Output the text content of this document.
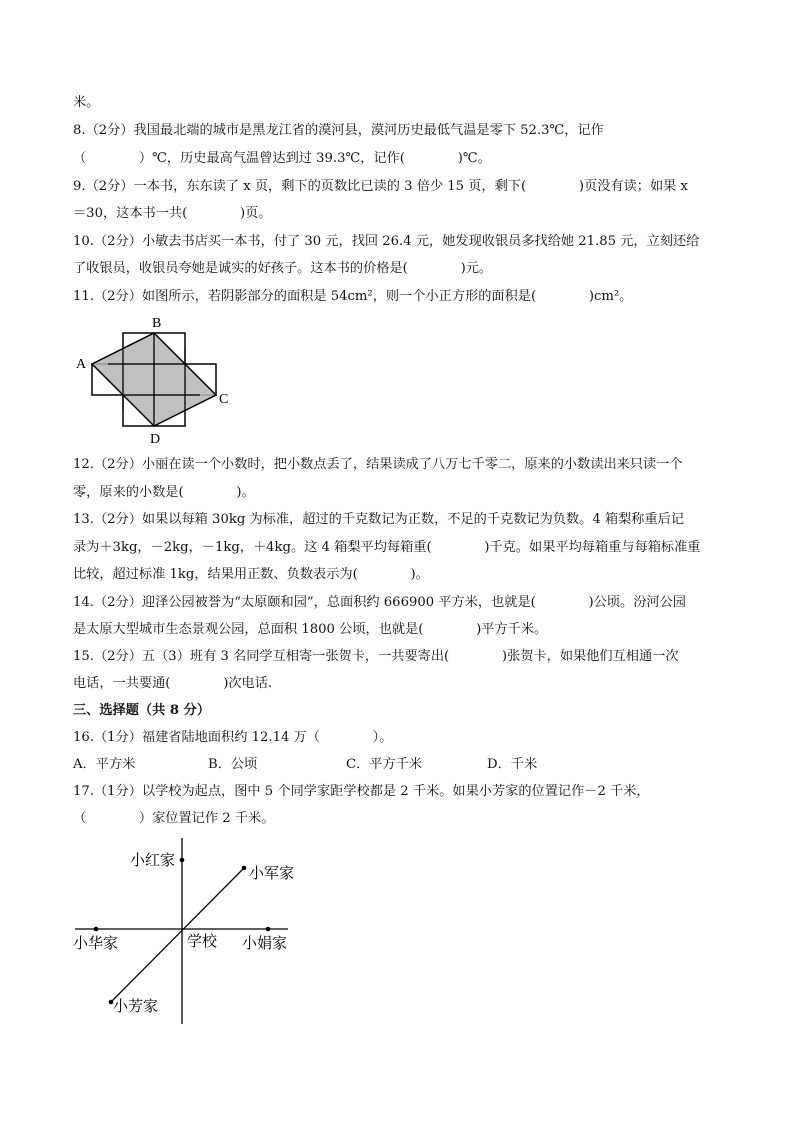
米。
8.（2分）我国最北端的城市是黑龙江省的漠河县，漠河历史最低气温是零下 52.3℃，记作
（　　　　）℃，历史最高气温曾达到过 39.3℃，记作(　　　　)℃。
9.（2分）一本书，东东读了 x 页，剩下的页数比已读的 3 倍少 15 页，剩下(　　　　)页没有读；如果 x
＝30，这本书一共(　　　　)页。
10.（2分）小敏去书店买一本书，付了 30 元，找回 26.4 元，她发现收银员多找给她 21.85 元，立刻还给
了收银员，收银员夸她是诚实的好孩子。这本书的价格是(　　　　)元。
11.（2分）如图所示，若阴影部分的面积是 54cm²，则一个小正方形的面积是(　　　　)cm²。
A
B
C
D
12.（2分）小丽在读一个小数时，把小数点丢了，结果读成了八万七千零二，原来的小数读出来只读一个
零，原来的小数是(　　　　)。
13.（2分）如果以每箱 30kg 为标准，超过的千克数记为正数，不足的千克数记为负数。4 箱梨称重后记
录为＋3kg，－2kg，－1kg，＋4kg。这 4 箱梨平均每箱重(　　　　)千克。如果平均每箱重与每箱标准重
比较，超过标准 1kg，结果用正数、负数表示为(　　　　)。
14.（2分）迎泽公园被誉为“太原颐和园”，总面积约 666900 平方米，也就是(　　　　)公顷。汾河公园
是太原大型城市生态景观公园，总面积 1800 公顷，也就是(　　　　)平方千米。
15.（2分）五（3）班有 3 名同学互相寄一张贺卡，一共要寄出(　　　　)张贺卡，如果他们互相通一次
电话，一共要通(　　　　)次电话.
三、选择题（共 8 分）
16.（1分）福建省陆地面积约 12.14 万（　　　　）。
A．平方米	B．公顷	C．平方千米	D．千米
17.（1分）以学校为起点，图中 5 个同学家距学校都是 2 千米。如果小芳家的位置记作－2 千米，
（　　　　）家位置记作 2 千米。
小红家
小军家
小华家	学校 小娟家
小芳家
